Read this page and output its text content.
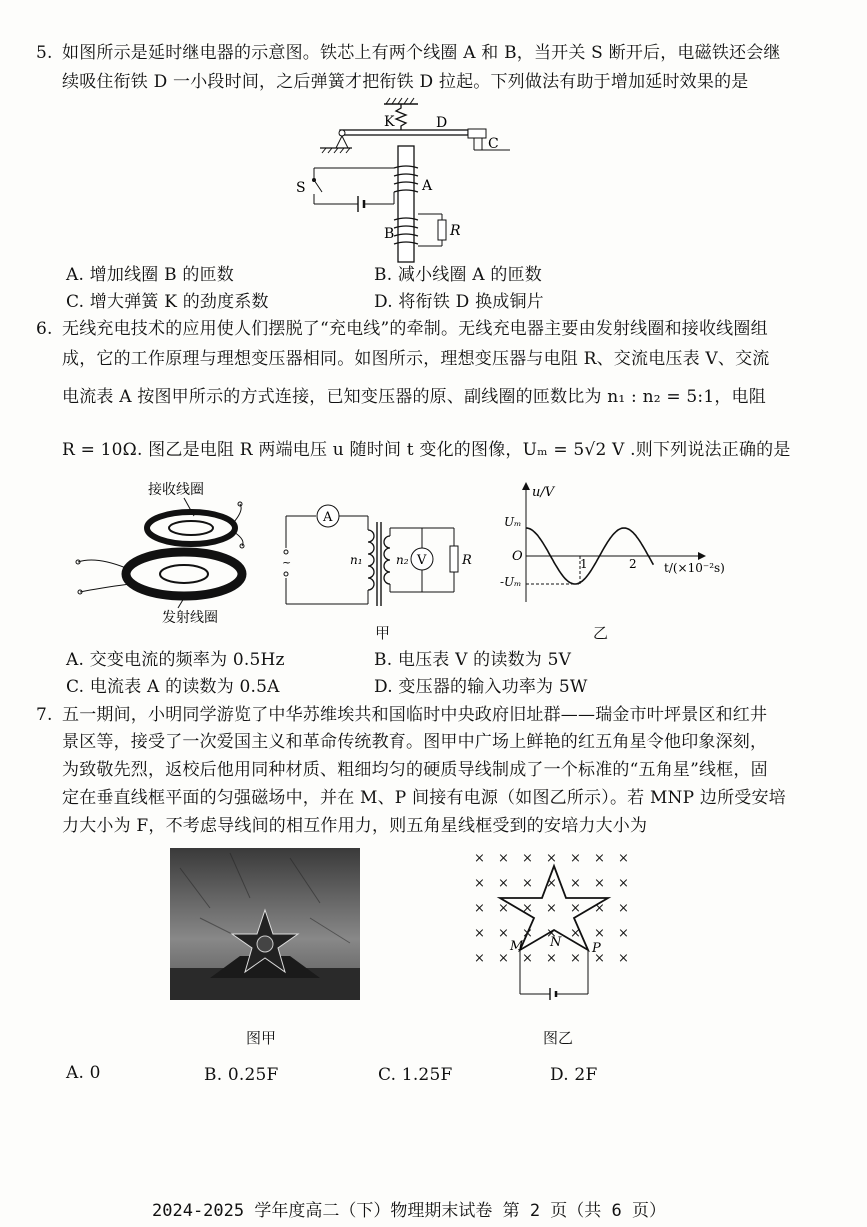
5. 如图所示是延时继电器的示意图。铁芯上有两个线圈 A 和 B，当开关 S 断开后，电磁铁还会继
续吸住衔铁 D 一小段时间，之后弹簧才把衔铁 D 拉起。下列做法有助于增加延时效果的是
K	D
C
A
S
B	R
A. 增加线圈 B 的匝数	B. 减小线圈 A 的匝数
C. 增大弹簧 K 的劲度系数	D. 将衔铁 D 换成铜片
6. 无线充电技术的应用使人们摆脱了“充电线”的牵制。无线充电器主要由发射线圈和接收线圈组
成，它的工作原理与理想变压器相同。如图所示，理想变压器与电阻 R、交流电压表 V、交流
电流表 A 按图甲所示的方式连接，已知变压器的原、副线圈的匝数比为 n₁ : n₂ = 5:1，电阻
R = 10Ω. 图乙是电阻 R 两端电压 u 随时间 t 变化的图像，Uₘ = 5√2 V .则下列说法正确的是
接收线圈
发射线圈
A
~	n₁	n₂ V	R
甲
u/V
t/(×10⁻²s)
O
Uₘ
-Uₘ
1	2
乙
A. 交变电流的频率为 0.5Hz	B. 电压表 V 的读数为 5V
C. 电流表 A 的读数为 0.5A	D. 变压器的输入功率为 5W
7. 五一期间，小明同学游览了中华苏维埃共和国临时中央政府旧址群——瑞金市叶坪景区和红井
景区等，接受了一次爱国主义和革命传统教育。图甲中广场上鲜艳的红五角星令他印象深刻，
为致敬先烈，返校后他用同种材质、粗细均匀的硬质导线制成了一个标准的“五角星”线框，固
定在垂直线框平面的匀强磁场中，并在 M、P 间接有电源（如图乙所示）。若 MNP 边所受安培
力大小为 F，不考虑导线间的相互作用力，则五角星线框受到的安培力大小为
图甲
× × × × × × ×
× × × × × × ×
× × × × × × ×
× × × × × × ×
× × × × × × ×
M N P
图乙
A. 0	B. 0.25F	C. 1.25F	D. 2F
2024-2025 学年度高二（下）物理期末试卷 第 2 页（共 6 页）
